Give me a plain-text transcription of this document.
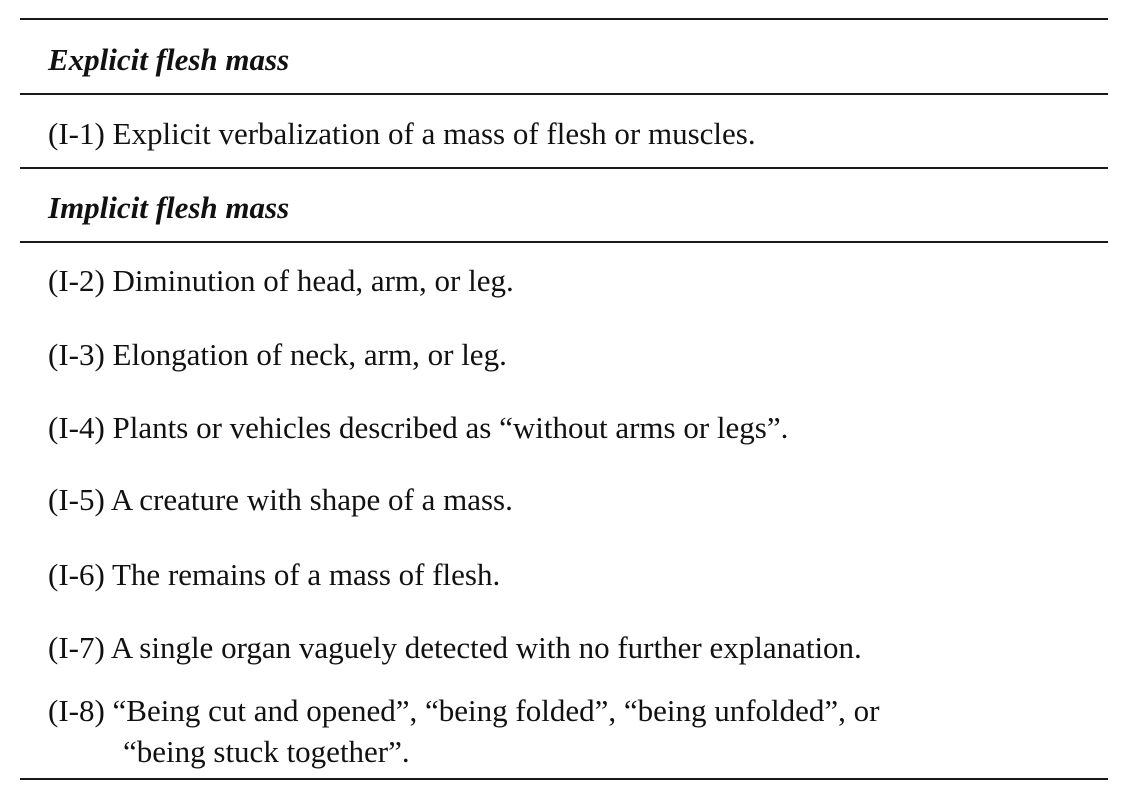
Explicit flesh mass
(I-1) Explicit verbalization of a mass of flesh or muscles.
Implicit flesh mass
(I-2) Diminution of head, arm, or leg.
(I-3) Elongation of neck, arm, or leg.
(I-4) Plants or vehicles described as “without arms or legs”.
(I-5) A creature with shape of a mass.
(I-6) The remains of a mass of flesh.
(I-7) A single organ vaguely detected with no further explanation.
(I-8) “Being cut and opened”, “being folded”, “being unfolded”, or
“being stuck together”.
